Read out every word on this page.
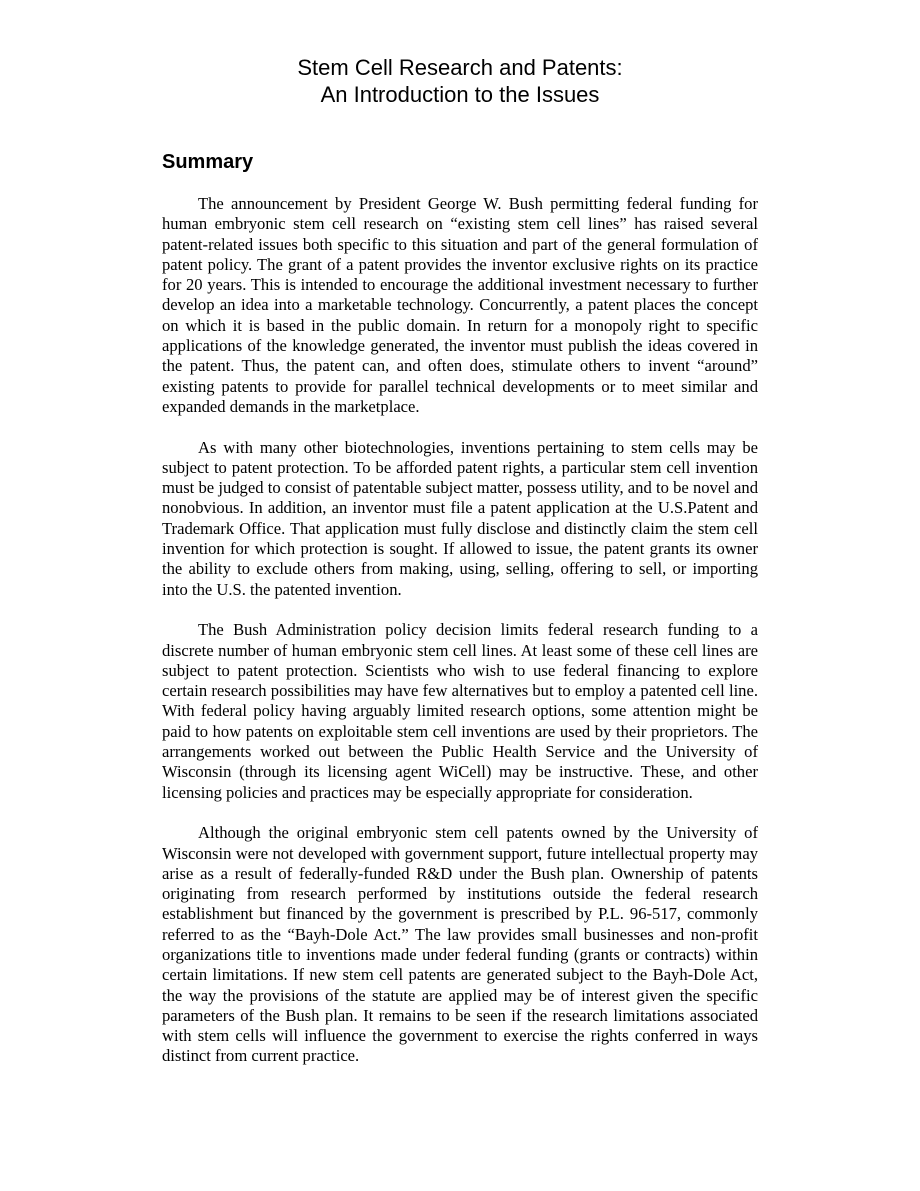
Stem Cell Research and Patents:
An Introduction to the Issues
Summary

The announcement by President George W. Bush permitting federal funding for human embryonic stem cell research on “existing stem cell lines” has raised several patent-related issues both specific to this situation and part of the general formulation of patent policy. The grant of a patent provides the inventor exclusive rights on its practice for 20 years. This is intended to encourage the additional investment necessary to further develop an idea into a marketable technology. Concurrently, a patent places the concept on which it is based in the public domain. In return for a monopoly right to specific applications of the knowledge generated, the inventor must publish the ideas covered in the patent. Thus, the patent can, and often does, stimulate others to invent “around” existing patents to provide for parallel technical developments or to meet similar and expanded demands in the marketplace.

As with many other biotechnologies, inventions pertaining to stem cells may be subject to patent protection. To be afforded patent rights, a particular stem cell invention must be judged to consist of patentable subject matter, possess utility, and to be novel and nonobvious. In addition, an inventor must file a patent application at the U.S.Patent and Trademark Office. That application must fully disclose and distinctly claim the stem cell invention for which protection is sought. If allowed to issue, the patent grants its owner the ability to exclude others from making, using, selling, offering to sell, or importing into the U.S. the patented invention.

The Bush Administration policy decision limits federal research funding to a discrete number of human embryonic stem cell lines. At least some of these cell lines are subject to patent protection. Scientists who wish to use federal financing to explore certain research possibilities may have few alternatives but to employ a patented cell line. With federal policy having arguably limited research options, some attention might be paid to how patents on exploitable stem cell inventions are used by their proprietors. The arrangements worked out between the Public Health Service and the University of Wisconsin (through its licensing agent WiCell) may be instructive. These, and other licensing policies and practices may be especially appropriate for consideration.

Although the original embryonic stem cell patents owned by the University of Wisconsin were not developed with government support, future intellectual property may arise as a result of federally-funded R&D under the Bush plan. Ownership of patents originating from research performed by institutions outside the federal research establishment but financed by the government is prescribed by P.L. 96-517, commonly referred to as the “Bayh-Dole Act.” The law provides small businesses and non-profit organizations title to inventions made under federal funding (grants or contracts) within certain limitations. If new stem cell patents are generated subject to the Bayh-Dole Act, the way the provisions of the statute are applied may be of interest given the specific parameters of the Bush plan. It remains to be seen if the research limitations associated with stem cells will influence the government to exercise the rights conferred in ways distinct from current practice.
